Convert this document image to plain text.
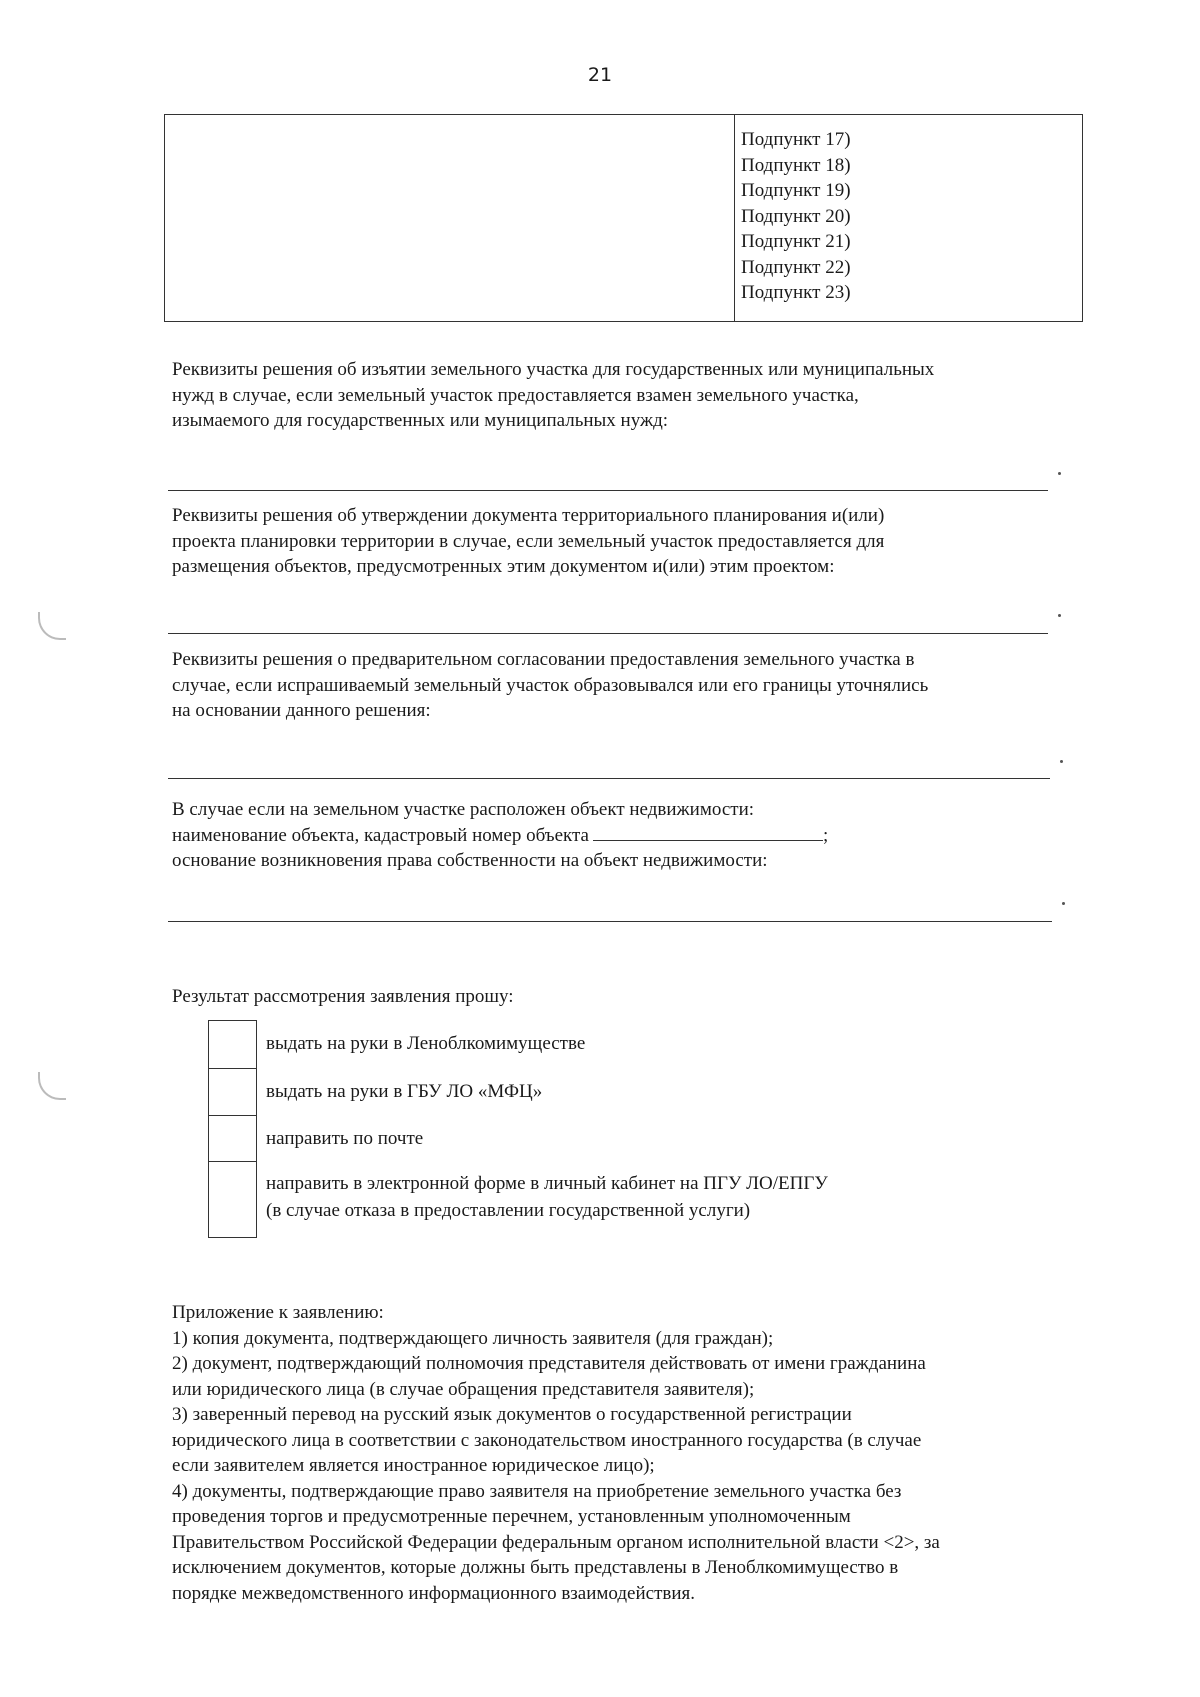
21
Подпункт 17)
Подпункт 18)
Подпункт 19)
Подпункт 20)
Подпункт 21)
Подпункт 22)
Подпункт 23)
Реквизиты решения об изъятии земельного участка для государственных или муниципальных
нужд в случае, если земельный участок предоставляется взамен земельного участка,
изымаемого для государственных или муниципальных нужд:
Реквизиты решения об утверждении документа территориального планирования и(или)
проекта планировки территории в случае, если земельный участок предоставляется для
размещения объектов, предусмотренных этим документом и(или) этим проектом:
Реквизиты решения о предварительном согласовании предоставления земельного участка в
случае, если испрашиваемый земельный участок образовывался или его границы уточнялись
на основании данного решения:
В случае если на земельном участке расположен объект недвижимости:
наименование объекта, кадастровый номер объекта	;
основание возникновения права собственности на объект недвижимости:
Результат рассмотрения заявления прошу:
выдать на руки в Леноблкомимуществе
выдать на руки в ГБУ ЛО «МФЦ»
направить по почте
направить в электронной форме в личный кабинет на ПГУ ЛО/ЕПГУ
(в случае отказа в предоставлении государственной услуги)
Приложение к заявлению:
1) копия документа, подтверждающего личность заявителя (для граждан);
2) документ, подтверждающий полномочия представителя действовать от имени гражданина
или юридического лица (в случае обращения представителя заявителя);
3) заверенный перевод на русский язык документов о государственной регистрации
юридического лица в соответствии с законодательством иностранного государства (в случае
если заявителем является иностранное юридическое лицо);
4) документы, подтверждающие право заявителя на приобретение земельного участка без
проведения торгов и предусмотренные перечнем, установленным уполномоченным
Правительством Российской Федерации федеральным органом исполнительной власти <2>, за
исключением документов, которые должны быть представлены в Леноблкомимущество в
порядке межведомственного информационного взаимодействия.
